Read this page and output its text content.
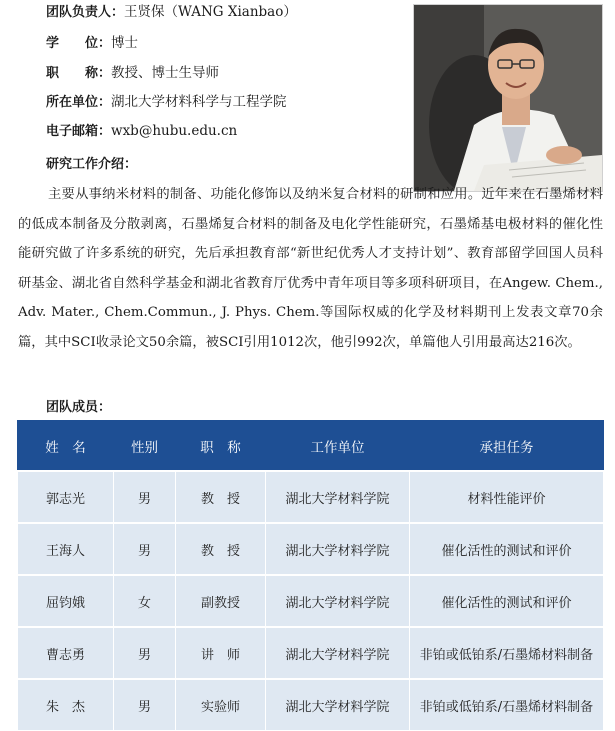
团队负责人：王贤保（WANG Xianbao）
学　　位：博士
职　　称：教授、博士生导师
所在单位：湖北大学材料科学与工程学院
电子邮箱：wxb@hubu.edu.cn
研究工作介绍：

主要从事纳米材料的制备、功能化修饰以及纳米复合材料的研制和应用。近年来在石墨烯材料的低成本制备及分散剥离，石墨烯复合材料的制备及电化学性能研究，石墨烯基电极材料的催化性能研究做了许多系统的研究，先后承担教育部“新世纪优秀人才支持计划”、教育部留学回国人员科研基金、湖北省自然科学基金和湖北省教育厅优秀中青年项目等多项科研项目，在Angew. Chem., Adv. Mater., Chem.Commun., J. Phys. Chem.等国际权威的化学及材料期刊上发表文章70余篇，其中SCI收录论文50余篇，被SCI引用1012次，他引992次，单篇他人引用最高达216次。

团队成员：
姓　名	性别	职　称	工作单位	承担任务
郭志光	男	教　授	湖北大学材料学院	材料性能评价
王海人	男	教　授	湖北大学材料学院	催化活性的测试和评价
屈钧娥	女	副教授	湖北大学材料学院	催化活性的测试和评价
曹志勇	男	讲　师	湖北大学材料学院	非铂或低铂系/石墨烯材料制备
朱　杰	男	实验师	湖北大学材料学院	非铂或低铂系/石墨烯材料制备
